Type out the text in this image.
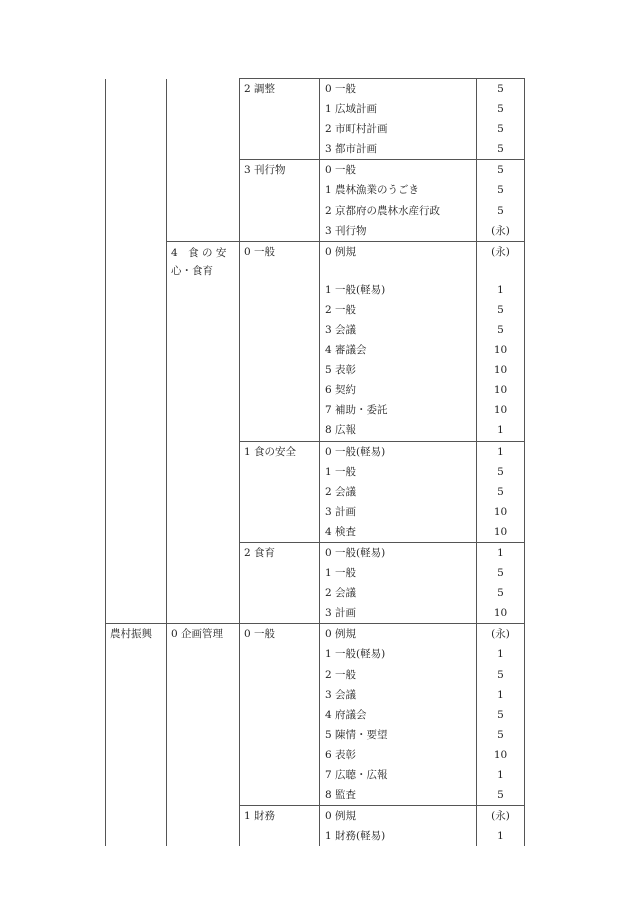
		2 調整	0 一般	5
			1 広域計画	5
			2 市町村計画	5
			3 都市計画	5
		3 刊行物	0 一般	5
			1 農林漁業のうごき	5
			2 京都府の農林水産行政	5
			3 刊行物	(永)

	4　食 の 安　心・食育	0 一般	0 例規	(永)
			1 一般(軽易)	1
			2 一般	5
			3 会議	5
			4 審議会	10
			5 表彰	10
			6 契約	10
			7 補助・委託	10
			8 広報	1
		1 食の安全	0 一般(軽易)	1
			1 一般	5
			2 会議	5
			3 計画	10
			4 検査	10
		2 食育	0 一般(軽易)	1
			1 一般	5
			2 会議	5
			3 計画	10
農村振興	0 企画管理	0 一般	0 例規	(永)
			1 一般(軽易)	1
			2 一般	5
			3 会議	1
			4 府議会	5
			5 陳情・要望	5
			6 表彰	10
			7 広聴・広報	1
			8 監査	5
		1 財務	0 例規	(永)
			1 財務(軽易)	1
